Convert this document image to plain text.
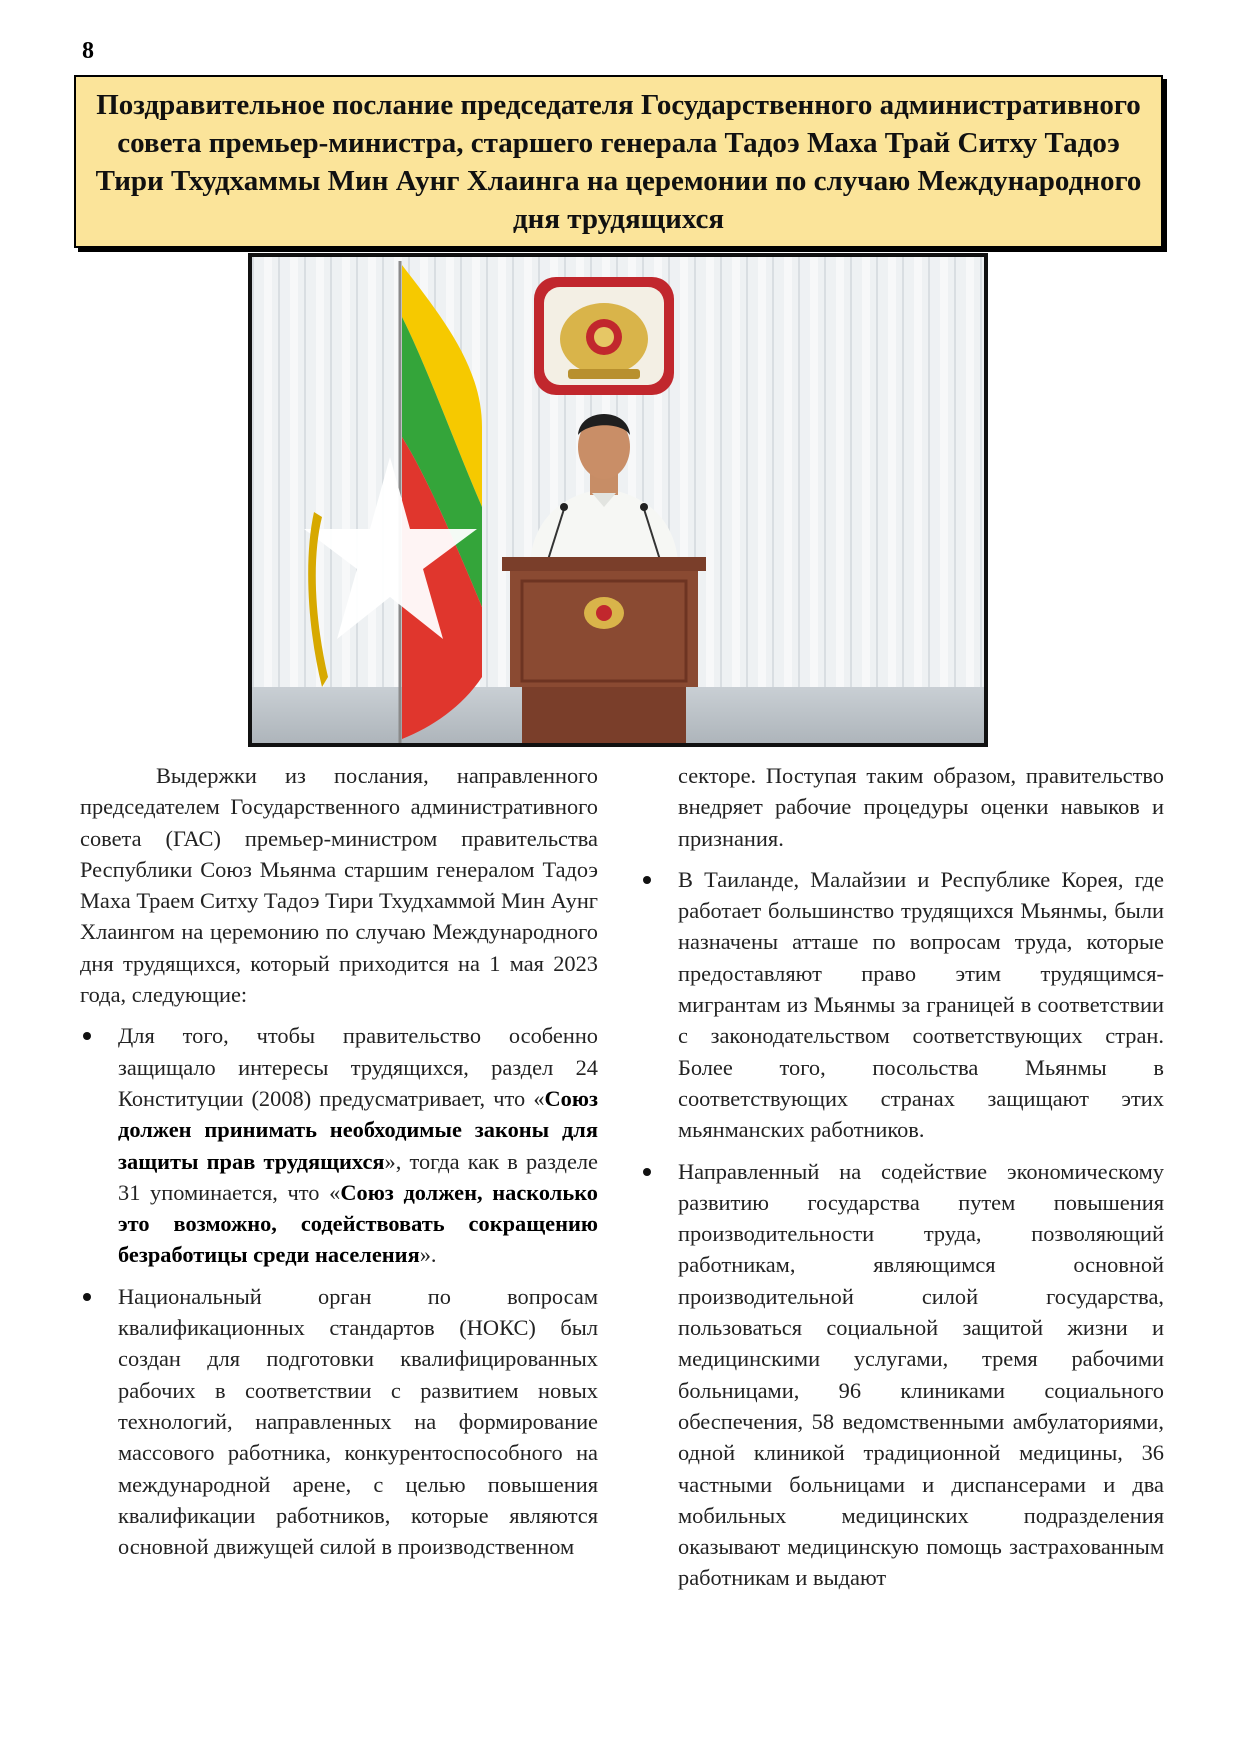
8
Поздравительное послание председателя Государственного административного совета премьер-министра, старшего генерала Тадоэ Маха Трай Ситху Тадоэ Тири Тхудхаммы Мин Аунг Хлаинга на церемонии по случаю Международного дня трудящихся

Выдержки из послания, направленного председателем Государственного административного совета (ГАС) премьер-министром правительства Республики Союз Мьянма старшим генералом Тадоэ Маха Траем Ситху Тадоэ Тири Тхудхаммой Мин Аунг Хлаингом на церемонию по случаю Международного дня трудящихся, который приходится на 1 мая 2023 года, следующие:

Для того, чтобы правительство особенно защищало интересы трудящихся, раздел 24 Конституции (2008) предусматривает, что «Союз должен принимать необходимые законы для защиты прав трудящихся», тогда как в разделе 31 упоминается, что «Союз должен, насколько это возможно, содействовать сокращению безработицы среди населения».
Национальный орган по вопросам квалификационных стандартов (НОКС) был создан для подготовки квалифицированных рабочих в соответствии с развитием новых технологий, направленных на формирование массового работника, конкурентоспособного на международной арене, с целью повышения квалификации работников, которые являются основной движущей силой в производственном

секторе. Поступая таким образом, правительство внедряет рабочие процедуры оценки навыков и признания.

В Таиланде, Малайзии и Республике Корея, где работает большинство трудящихся Мьянмы, были назначены атташе по вопросам труда, которые предоставляют право этим трудящимся-мигрантам из Мьянмы за границей в соответствии с законодательством соответствующих стран. Более того, посольства Мьянмы в соответствующих странах защищают этих мьянманских работников.
Направленный на содействие экономическому развитию государства путем повышения производительности труда, позволяющий работникам, являющимся основной производительной силой государства, пользоваться социальной защитой жизни и медицинскими услугами, тремя рабочими больницами, 96 клиниками социального обеспечения, 58 ведомственными амбулаториями, одной клиникой традиционной медицины, 36 частными больницами и диспансерами и два мобильных медицинских подразделения оказывают медицинскую помощь застрахованным работникам и выдают
